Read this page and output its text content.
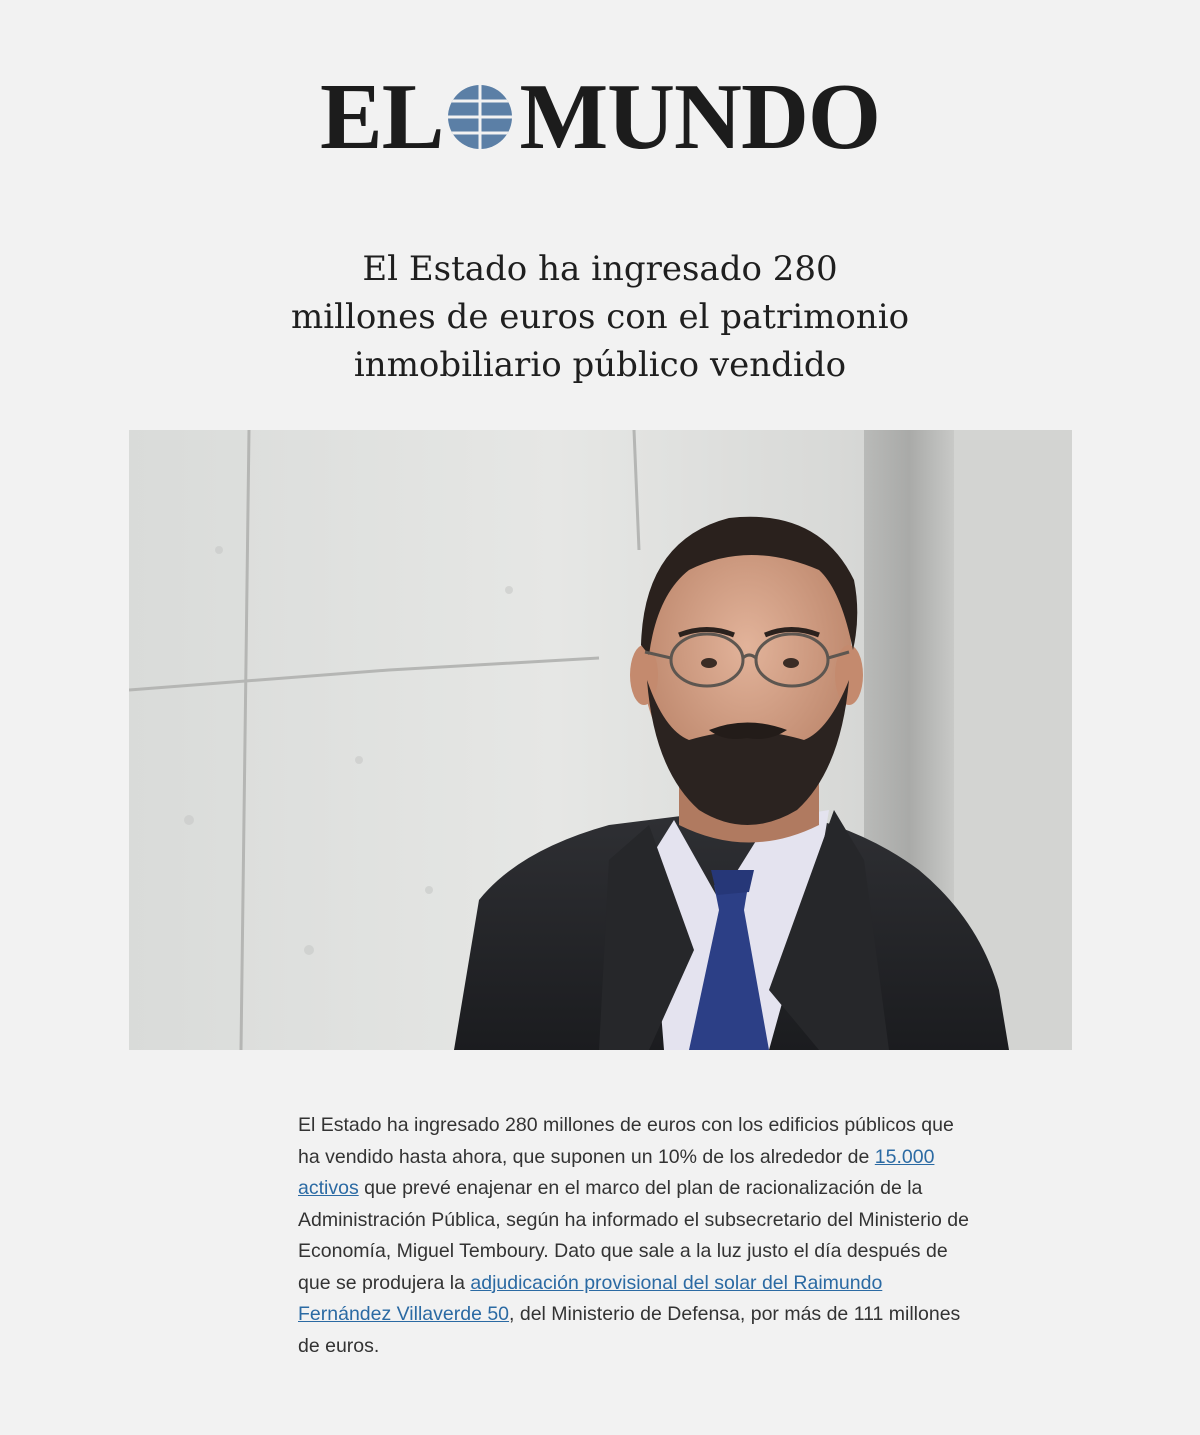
EL MUNDO
El Estado ha ingresado 280
millones de euros con el patrimonio
inmobiliario público vendido

El Estado ha ingresado 280 millones de euros con los edificios públicos que ha vendido hasta ahora, que suponen un 10% de los alrededor de 15.000 activos que prevé enajenar en el marco del plan de racionalización de la Administración Pública, según ha informado el subsecretario del Ministerio de Economía, Miguel Temboury. Dato que sale a la luz justo el día después de que se produjera la adjudicación provisional del solar del Raimundo Fernández Villaverde 50, del Ministerio de Defensa, por más de 111 millones de euros.
